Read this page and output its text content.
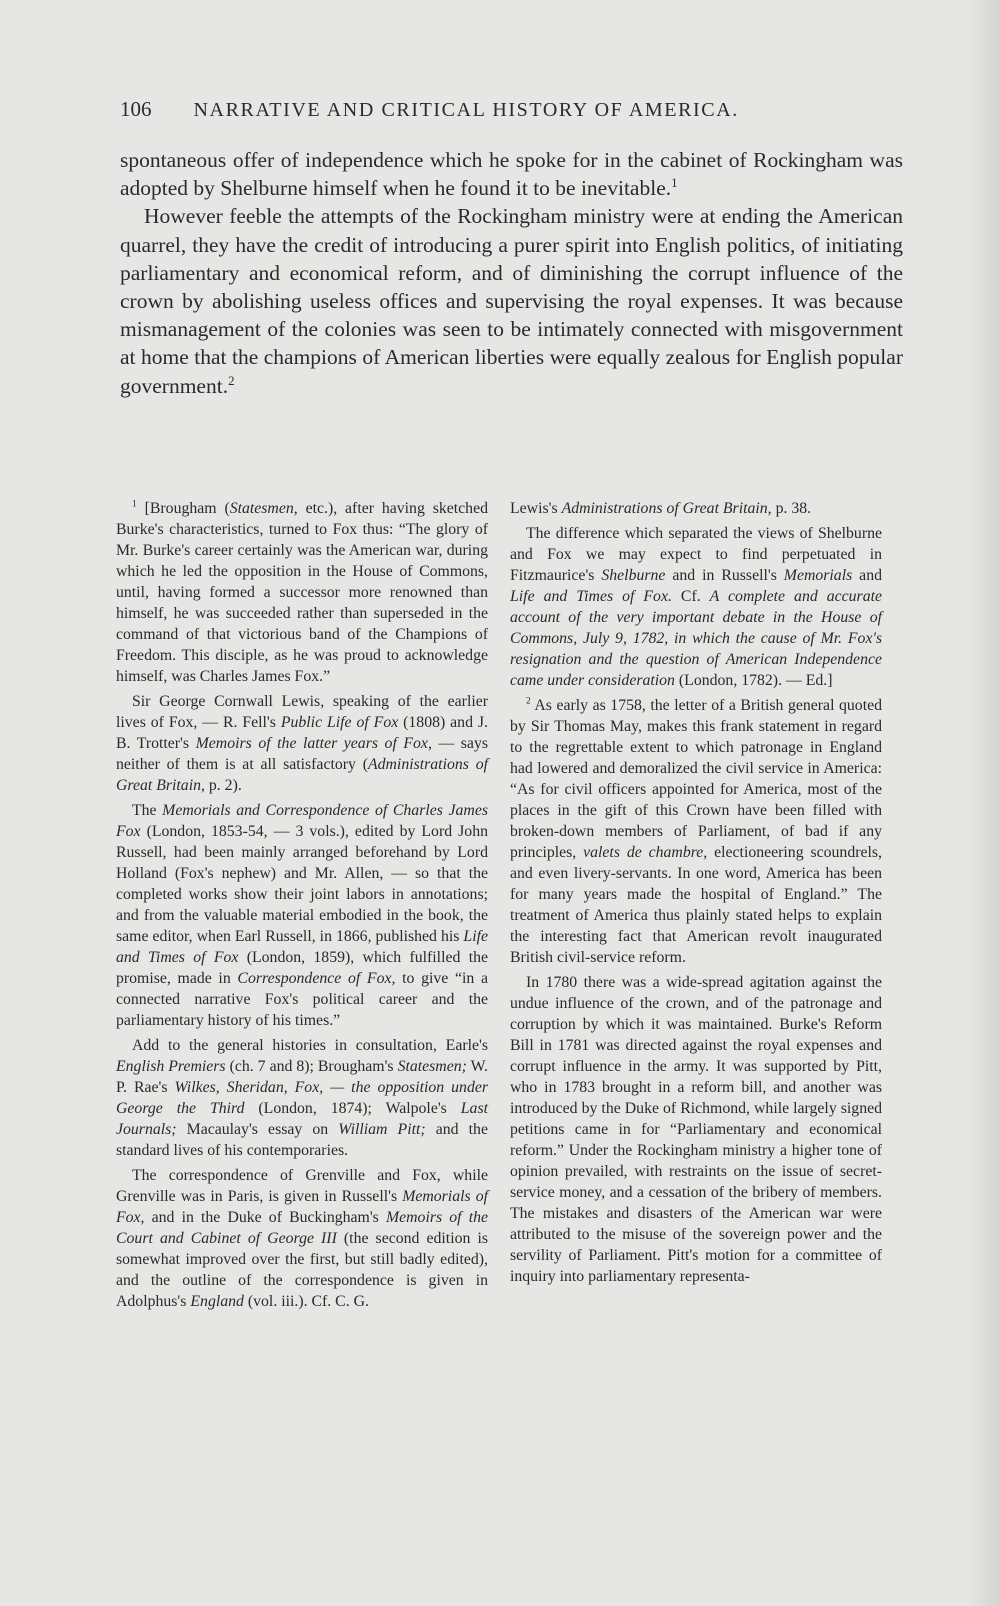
106 NARRATIVE AND CRITICAL HISTORY OF AMERICA.

spontaneous offer of independence which he spoke for in the cabinet of Rockingham was adopted by Shelburne himself when he found it to be inevitable.$^1$

However feeble the attempts of the Rockingham ministry were at ending the American quarrel, they have the credit of introducing a purer spirit into English politics, of initiating parliamentary and economical reform, and of diminishing the corrupt influence of the crown by abolishing useless offices and supervising the royal expenses. It was because mismanagement of the colonies was seen to be intimately connected with misgovernment at home that the champions of American liberties were equally zealous for English popular government.$^2$

$^1$ [Brougham (Statesmen, etc.), after having sketched Burke's characteristics, turned to Fox thus: “The glory of Mr. Burke's career certainly was the American war, during which he led the opposition in the House of Commons, until, having formed a successor more renowned than himself, he was succeeded rather than superseded in the command of that victorious band of the Champions of Freedom. This disciple, as he was proud to acknowledge himself, was Charles James Fox.”

Sir George Cornwall Lewis, speaking of the earlier lives of Fox, — R. Fell's Public Life of Fox (1808) and J. B. Trotter's Memoirs of the latter years of Fox, — says neither of them is at all satisfactory (Administrations of Great Britain, p. 2).

The Memorials and Correspondence of Charles James Fox (London, 1853-54, — 3 vols.), edited by Lord John Russell, had been mainly arranged beforehand by Lord Holland (Fox's nephew) and Mr. Allen, — so that the completed works show their joint labors in annotations; and from the valuable material embodied in the book, the same editor, when Earl Russell, in 1866, published his Life and Times of Fox (London, 1859), which fulfilled the promise, made in Correspondence of Fox, to give “in a connected narrative Fox's political career and the parliamentary history of his times.”

Add to the general histories in consultation, Earle's English Premiers (ch. 7 and 8); Brougham's Statesmen; W. P. Rae's Wilkes, Sheridan, Fox, — the opposition under George the Third (London, 1874); Walpole's Last Journals; Macaulay's essay on William Pitt; and the standard lives of his contemporaries.

The correspondence of Grenville and Fox, while Grenville was in Paris, is given in Russell's Memorials of Fox, and in the Duke of Buckingham's Memoirs of the Court and Cabinet of George III (the second edition is somewhat improved over the first, but still badly edited), and the outline of the correspondence is given in Adolphus's England (vol. iii.). Cf. C. G.

Lewis's Administrations of Great Britain, p. 38.

The difference which separated the views of Shelburne and Fox we may expect to find perpetuated in Fitzmaurice's Shelburne and in Russell's Memorials and Life and Times of Fox. Cf. A complete and accurate account of the very important debate in the House of Commons, July 9, 1782, in which the cause of Mr. Fox's resignation and the question of American Independence came under consideration (London, 1782). — Ed.]

$^2$ As early as 1758, the letter of a British general quoted by Sir Thomas May, makes this frank statement in regard to the regrettable extent to which patronage in England had lowered and demoralized the civil service in America: “As for civil officers appointed for America, most of the places in the gift of this Crown have been filled with broken-down members of Parliament, of bad if any principles, valets de chambre, electioneering scoundrels, and even livery-servants. In one word, America has been for many years made the hospital of England.” The treatment of America thus plainly stated helps to explain the interesting fact that American revolt inaugurated British civil-service reform.

In 1780 there was a wide-spread agitation against the undue influence of the crown, and of the patronage and corruption by which it was maintained. Burke's Reform Bill in 1781 was directed against the royal expenses and corrupt influence in the army. It was supported by Pitt, who in 1783 brought in a reform bill, and another was introduced by the Duke of Richmond, while largely signed petitions came in for “Parliamentary and economical reform.” Under the Rockingham ministry a higher tone of opinion prevailed, with restraints on the issue of secret-service money, and a cessation of the bribery of members. The mistakes and disasters of the American war were attributed to the misuse of the sovereign power and the servility of Parliament. Pitt's motion for a committee of inquiry into parliamentary representa-
